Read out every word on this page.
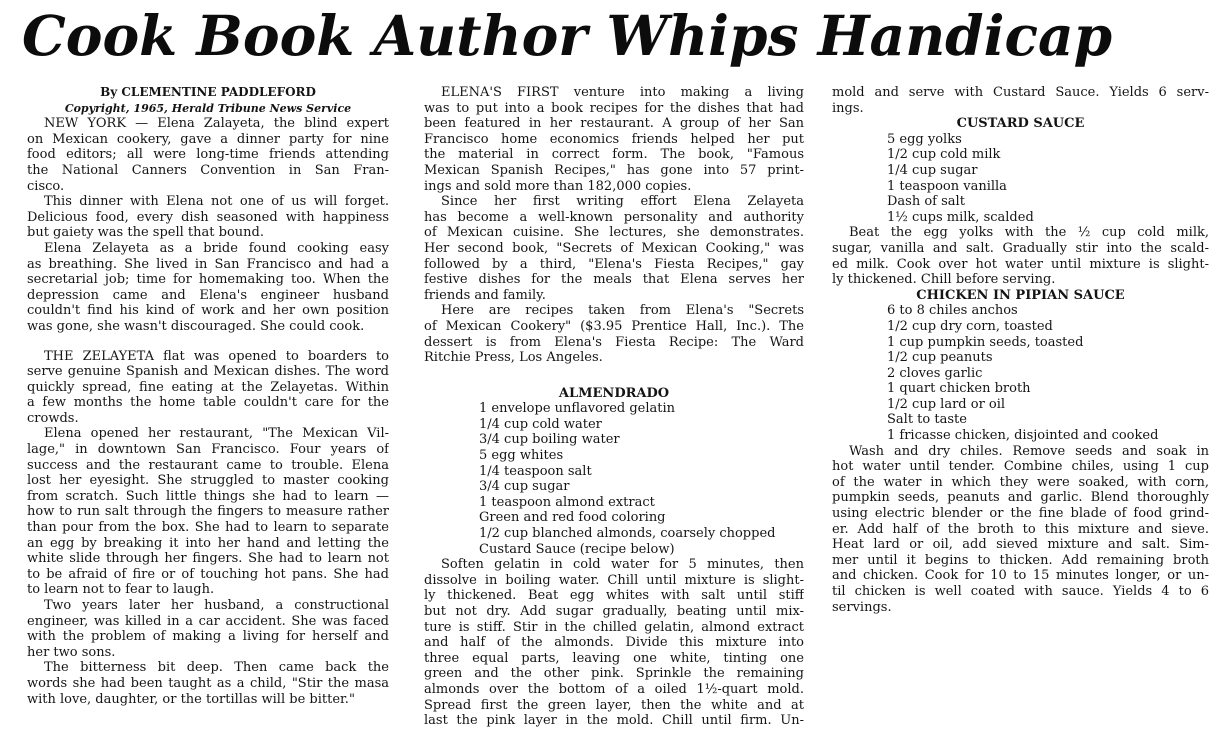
Cook Book Author Whips Handicap
By CLEMENTINE PADDLEFORD
Copyright, 1965, Herald Tribune News Service
NEW YORK — Elena Zalayeta, the blind expert
on Mexican cookery, gave a dinner party for nine
food editors; all were long-time friends attending
the National Canners Convention in San Fran-
cisco.
This dinner with Elena not one of us will forget.
Delicious food, every dish seasoned with happiness
but gaiety was the spell that bound.
Elena Zelayeta as a bride found cooking easy
as breathing. She lived in San Francisco and had a
secretarial job; time for homemaking too. When the
depression came and Elena's engineer husband
couldn't find his kind of work and her own position
was gone, she wasn't discouraged. She could cook.
THE ZELAYETA flat was opened to boarders to
serve genuine Spanish and Mexican dishes. The word
quickly spread, fine eating at the Zelayetas. Within
a few months the home table couldn't care for the
crowds.
Elena opened her restaurant, "The Mexican Vil-
lage," in downtown San Francisco. Four years of
success and the restaurant came to trouble. Elena
lost her eyesight. She struggled to master cooking
from scratch. Such little things she had to learn —
how to run salt through the fingers to measure rather
than pour from the box. She had to learn to separate
an egg by breaking it into her hand and letting the
white slide through her fingers. She had to learn not
to be afraid of fire or of touching hot pans. She had
to learn not to fear to laugh.
Two years later her husband, a constructional
engineer, was killed in a car accident. She was faced
with the problem of making a living for herself and
her two sons.
The bitterness bit deep. Then came back the
words she had been taught as a child, "Stir the masa
with love, daughter, or the tortillas will be bitter."
ELENA'S FIRST venture into making a living
was to put into a book recipes for the dishes that had
been featured in her restaurant. A group of her San
Francisco home economics friends helped her put
the material in correct form. The book, "Famous
Mexican Spanish Recipes," has gone into 57 print-
ings and sold more than 182,000 copies.
Since her first writing effort Elena Zelayeta
has become a well-known personality and authority
of Mexican cuisine. She lectures, she demonstrates.
Her second book, "Secrets of Mexican Cooking," was
followed by a third, "Elena's Fiesta Recipes," gay
festive dishes for the meals that Elena serves her
friends and family.
Here are recipes taken from Elena's "Secrets
of Mexican Cookery" ($3.95 Prentice Hall, Inc.). The
dessert is from Elena's Fiesta Recipe: The Ward
Ritchie Press, Los Angeles.
ALMENDRADO
1 envelope unflavored gelatin
1/4 cup cold water
3/4 cup boiling water
5 egg whites
1/4 teaspoon salt
3/4 cup sugar
1 teaspoon almond extract
Green and red food coloring
1/2 cup blanched almonds, coarsely chopped
Custard Sauce (recipe below)
Soften gelatin in cold water for 5 minutes, then
dissolve in boiling water. Chill until mixture is slight-
ly thickened. Beat egg whites with salt until stiff
but not dry. Add sugar gradually, beating until mix-
ture is stiff. Stir in the chilled gelatin, almond extract
and half of the almonds. Divide this mixture into
three equal parts, leaving one white, tinting one
green and the other pink. Sprinkle the remaining
almonds over the bottom of a oiled 1½-quart mold.
Spread first the green layer, then the white and at
last the pink layer in the mold. Chill until firm. Un-
mold and serve with Custard Sauce. Yields 6 serv-
ings.
CUSTARD SAUCE
5 egg yolks
1/2 cup cold milk
1/4 cup sugar
1 teaspoon vanilla
Dash of salt
1½ cups milk, scalded
Beat the egg yolks with the ½ cup cold milk,
sugar, vanilla and salt. Gradually stir into the scald-
ed milk. Cook over hot water until mixture is slight-
ly thickened. Chill before serving.
CHICKEN IN PIPIAN SAUCE
6 to 8 chiles anchos
1/2 cup dry corn, toasted
1 cup pumpkin seeds, toasted
1/2 cup peanuts
2 cloves garlic
1 quart chicken broth
1/2 cup lard or oil
Salt to taste
1 fricasse chicken, disjointed and cooked
Wash and dry chiles. Remove seeds and soak in
hot water until tender. Combine chiles, using 1 cup
of the water in which they were soaked, with corn,
pumpkin seeds, peanuts and garlic. Blend thoroughly
using electric blender or the fine blade of food grind-
er. Add half of the broth to this mixture and sieve.
Heat lard or oil, add sieved mixture and salt. Sim-
mer until it begins to thicken. Add remaining broth
and chicken. Cook for 10 to 15 minutes longer, or un-
til chicken is well coated with sauce. Yields 4 to 6
servings.
